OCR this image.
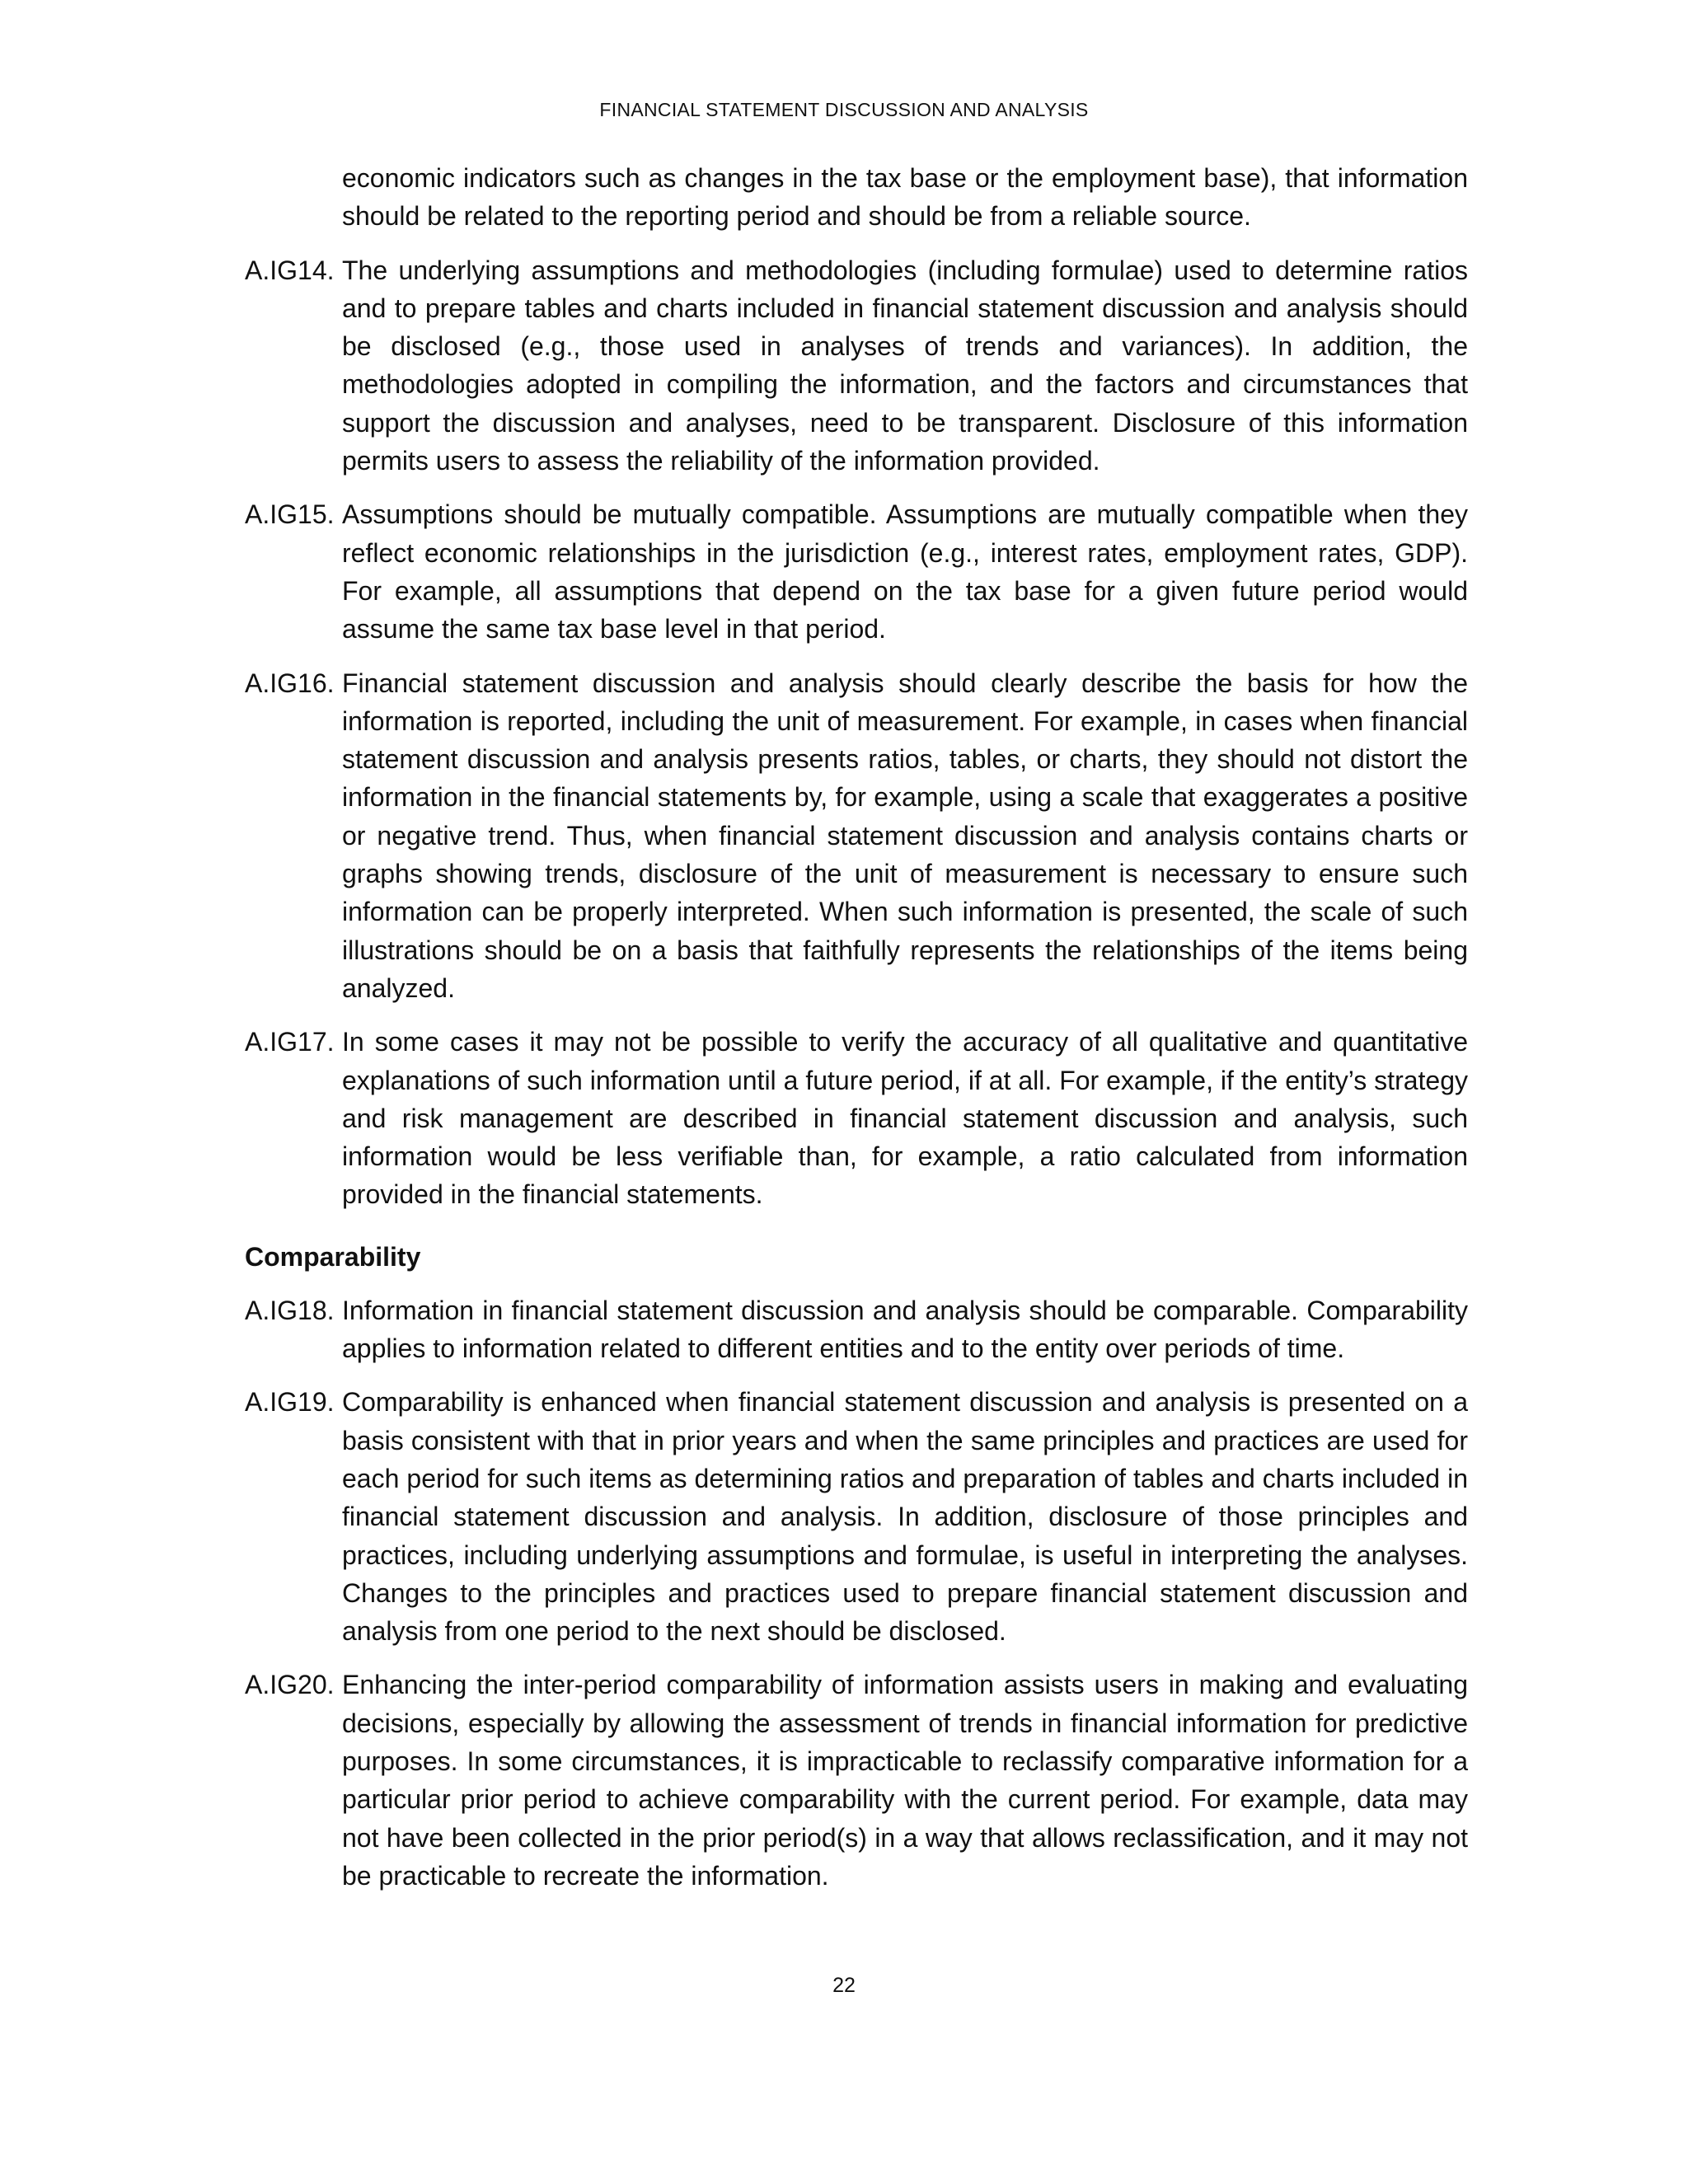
FINANCIAL STATEMENT DISCUSSION AND ANALYSIS
economic indicators such as changes in the tax base or the employment base), that information should be related to the reporting period and should be from a reliable source.
A.IG14. The underlying assumptions and methodologies (including formulae) used to determine ratios and to prepare tables and charts included in financial statement discussion and analysis should be disclosed (e.g., those used in analyses of trends and variances). In addition, the methodologies adopted in compiling the information, and the factors and circumstances that support the discussion and analyses, need to be transparent. Disclosure of this information permits users to assess the reliability of the information provided.
A.IG15. Assumptions should be mutually compatible. Assumptions are mutually compatible when they reflect economic relationships in the jurisdiction (e.g., interest rates, employment rates, GDP). For example, all assumptions that depend on the tax base for a given future period would assume the same tax base level in that period.
A.IG16. Financial statement discussion and analysis should clearly describe the basis for how the information is reported, including the unit of measurement. For example, in cases when financial statement discussion and analysis presents ratios, tables, or charts, they should not distort the information in the financial statements by, for example, using a scale that exaggerates a positive or negative trend. Thus, when financial statement discussion and analysis contains charts or graphs showing trends, disclosure of the unit of measurement is necessary to ensure such information can be properly interpreted. When such information is presented, the scale of such illustrations should be on a basis that faithfully represents the relationships of the items being analyzed.
A.IG17. In some cases it may not be possible to verify the accuracy of all qualitative and quantitative explanations of such information until a future period, if at all. For example, if the entity’s strategy and risk management are described in financial statement discussion and analysis, such information would be less verifiable than, for example, a ratio calculated from information provided in the financial statements.
Comparability
A.IG18. Information in financial statement discussion and analysis should be comparable. Comparability applies to information related to different entities and to the entity over periods of time.
A.IG19. Comparability is enhanced when financial statement discussion and analysis is presented on a basis consistent with that in prior years and when the same principles and practices are used for each period for such items as determining ratios and preparation of tables and charts included in financial statement discussion and analysis. In addition, disclosure of those principles and practices, including underlying assumptions and formulae, is useful in interpreting the analyses. Changes to the principles and practices used to prepare financial statement discussion and analysis from one period to the next should be disclosed.
A.IG20. Enhancing the inter-period comparability of information assists users in making and evaluating decisions, especially by allowing the assessment of trends in financial information for predictive purposes. In some circumstances, it is impracticable to reclassify comparative information for a particular prior period to achieve comparability with the current period. For example, data may not have been collected in the prior period(s) in a way that allows reclassification, and it may not be practicable to recreate the information.
22
